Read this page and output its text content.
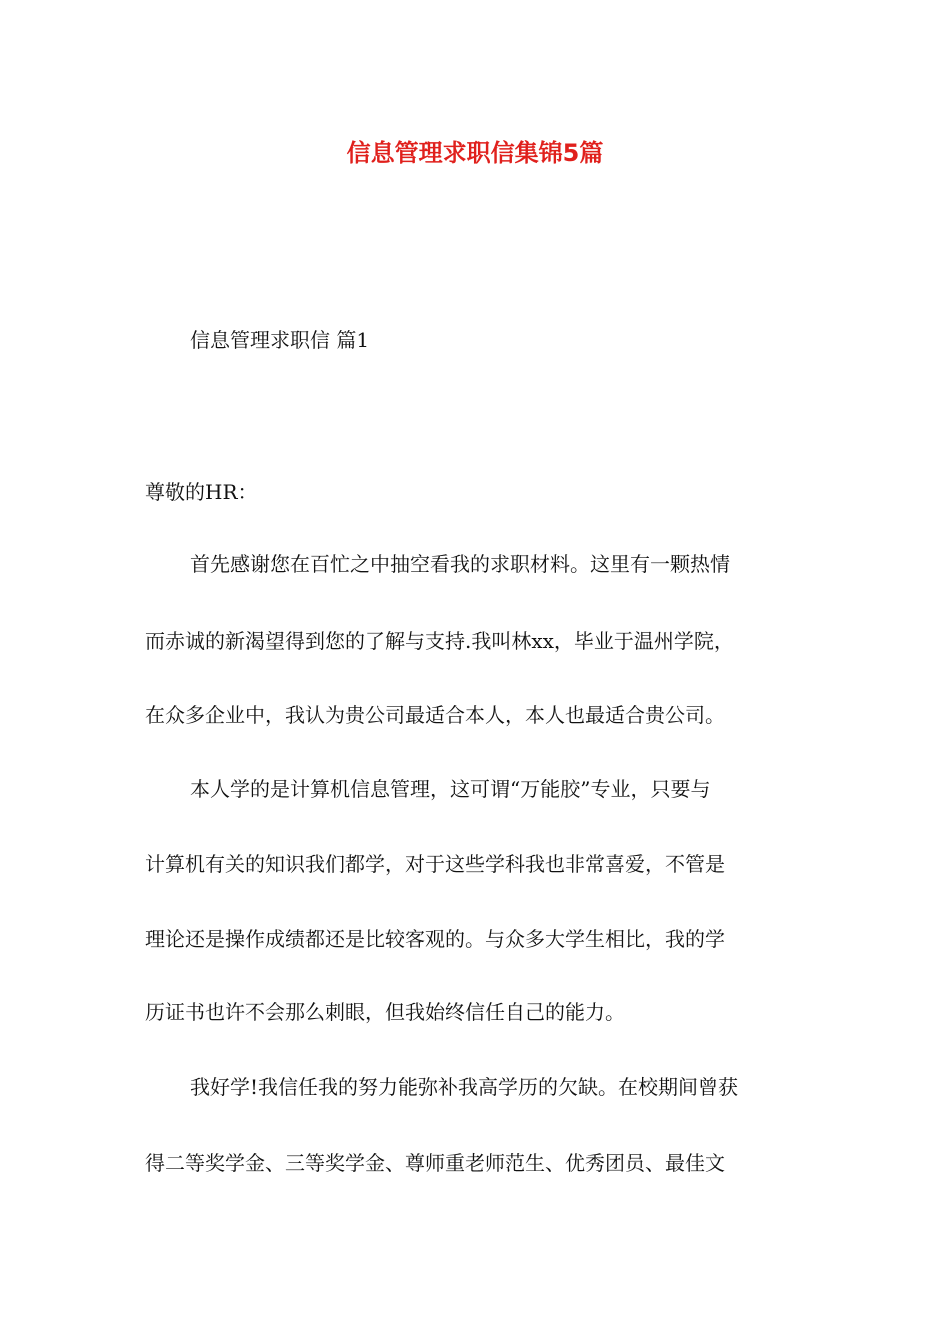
信息管理求职信集锦5篇

信息管理求职信 篇1

尊敬的HR：

首先感谢您在百忙之中抽空看我的求职材料。这里有一颗热情

而赤诚的新渴望得到您的了解与支持.我叫林xx，毕业于温州学院，

在众多企业中，我认为贵公司最适合本人，本人也最适合贵公司。

本人学的是计算机信息管理，这可谓“万能胶”专业，只要与

计算机有关的知识我们都学，对于这些学科我也非常喜爱，不管是

理论还是操作成绩都还是比较客观的。与众多大学生相比，我的学

历证书也许不会那么刺眼，但我始终信任自己的能力。

我好学!我信任我的努力能弥补我高学历的欠缺。在校期间曾获

得二等奖学金、三等奖学金、尊师重老师范生、优秀团员、最佳文
